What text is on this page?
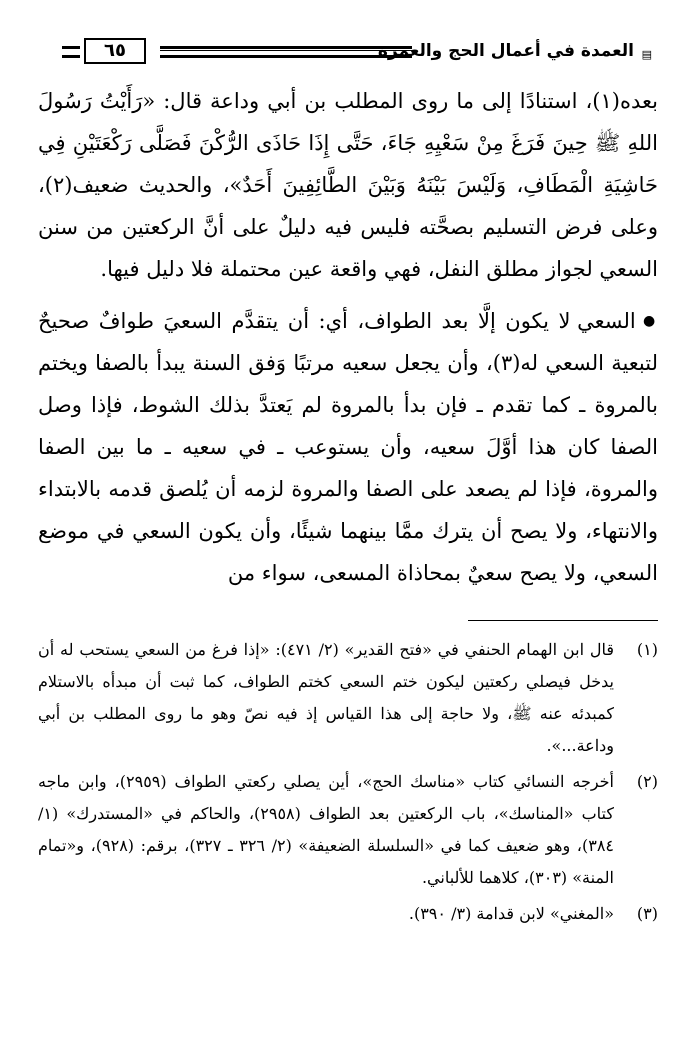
▤
العمدة في أعمال الحج والعمرة
٦٥

بعده(١)، استنادًا إلى ما روى المطلب بن أبي وداعة قال: «رَأَيْتُ رَسُولَ اللهِ ﷺ حِينَ فَرَغَ مِنْ سَعْيِهِ جَاءَ، حَتَّى إِذَا حَاذَى الرُّكْنَ فَصَلَّى رَكْعَتَيْنِ فِي حَاشِيَةِ الْمَطَافِ، وَلَيْسَ بَيْنَهُ وَبَيْنَ الطَّائِفِينَ أَحَدٌ»، والحديث ضعيف(٢)، وعلى فرض التسليم بصحَّته فليس فيه دليلٌ على أنَّ الركعتين من سنن السعي لجواز مطلق النفل، فهي واقعة عين محتملة فلا دليل فيها.

● السعي لا يكون إلَّا بعد الطواف، أي: أن يتقدَّم السعيَ طوافٌ صحيحٌ لتبعية السعي له(٣)، وأن يجعل سعيه مرتبًا وَفق السنة يبدأ بالصفا ويختم بالمروة ـ كما تقدم ـ فإن بدأ بالمروة لم يَعتدَّ بذلك الشوط، فإذا وصل الصفا كان هذا أوَّلَ سعيه، وأن يستوعب ـ في سعيه ـ ما بين الصفا والمروة، فإذا لم يصعد على الصفا والمروة لزمه أن يُلصق قدمه بالابتداء والانتهاء، ولا يصح أن يترك ممَّا بينهما شيئًا، وأن يكون السعي في موضع السعي، ولا يصح سعيٌ بمحاذاة المسعى، سواء من

(١)
قال ابن الهمام الحنفي في «فتح القدير» (٢/ ٤٧١): «إذا فرغ من السعي يستحب له أن يدخل فيصلي ركعتين ليكون ختم السعي كختم الطواف، كما ثبت أن مبدأه بالاستلام كمبدئه عنه ﷺ، ولا حاجة إلى هذا القياس إذ فيه نصّ وهو ما روى المطلب بن أبي وداعة...».
(٢)
أخرجه النسائي كتاب «مناسك الحج»، أين يصلي ركعتي الطواف (٢٩٥٩)، وابن ماجه كتاب «المناسك»، باب الركعتين بعد الطواف (٢٩٥٨)، والحاكم في «المستدرك» (١/ ٣٨٤)، وهو ضعيف كما في «السلسلة الضعيفة» (٢/ ٣٢٦ ـ ٣٢٧)، برقم: (٩٢٨)، و«تمام المنة» (٣٠٣)، كلاهما للألباني.
(٣)
«المغني» لابن قدامة (٣/ ٣٩٠).
